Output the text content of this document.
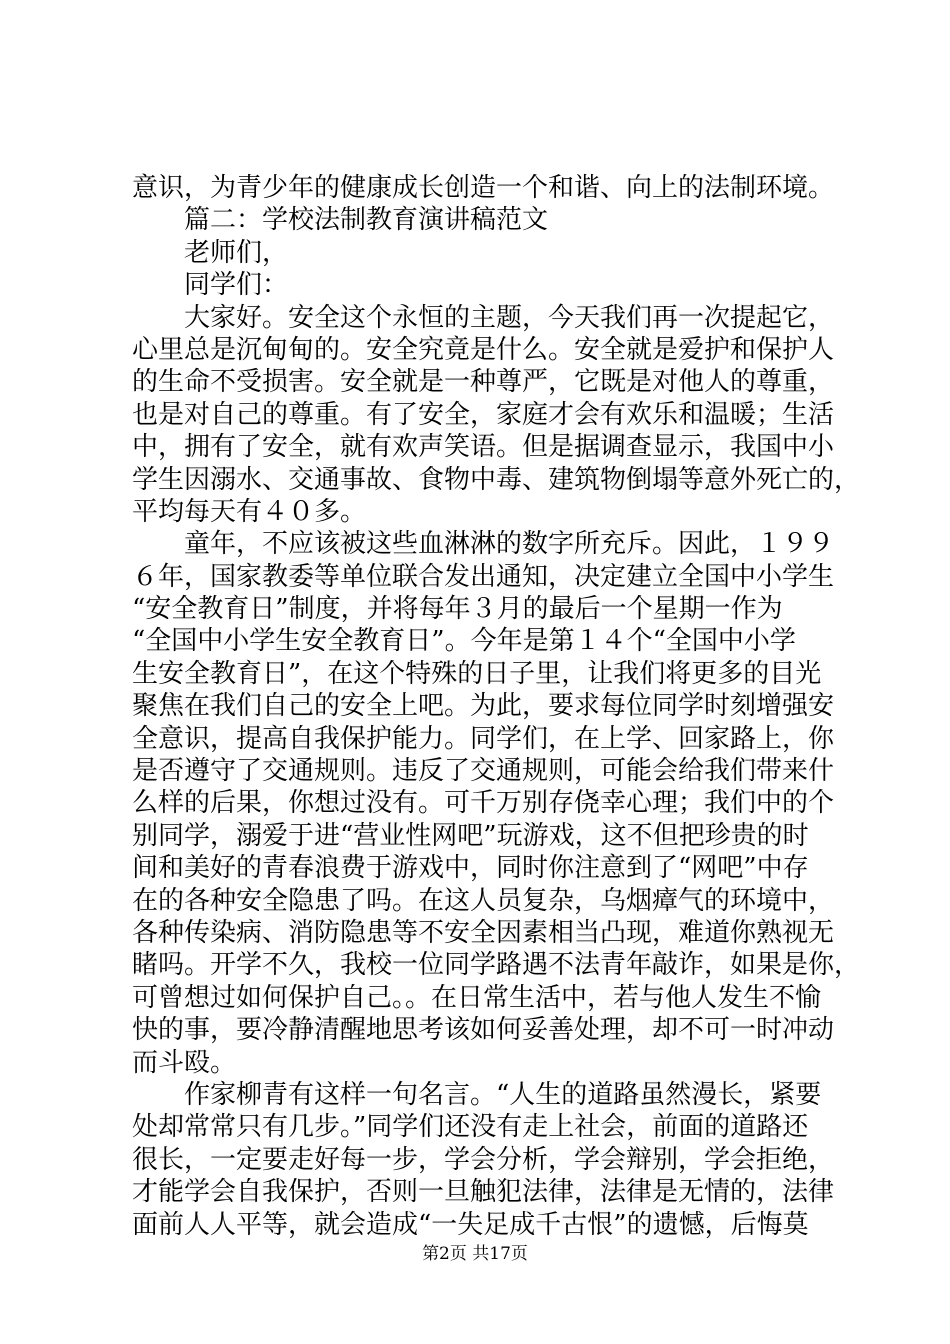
意识，为青少年的健康成长创造一个和谐、向上的法制环境。
篇二：学校法制教育演讲稿范文
老师们，
同学们：
大家好。安全这个永恒的主题，今天我们再一次提起它，
心里总是沉甸甸的。安全究竟是什么。安全就是爱护和保护人
的生命不受损害。安全就是一种尊严，它既是对他人的尊重，
也是对自己的尊重。有了安全，家庭才会有欢乐和温暖；生活
中，拥有了安全，就有欢声笑语。但是据调查显示，我国中小
学生因溺水、交通事故、食物中毒、建筑物倒塌等意外死亡的，
平均每天有４０多。
童年，不应该被这些血淋淋的数字所充斥。因此，１９９
６年，国家教委等单位联合发出通知，决定建立全国中小学生
“安全教育日”制度，并将每年３月的最后一个星期一作为
“全国中小学生安全教育日”。今年是第１４个“全国中小学
生安全教育日”，在这个特殊的日子里，让我们将更多的目光
聚焦在我们自己的安全上吧。为此，要求每位同学时刻增强安
全意识，提高自我保护能力。同学们，在上学、回家路上，你
是否遵守了交通规则。违反了交通规则，可能会给我们带来什
么样的后果，你想过没有。可千万别存侥幸心理；我们中的个
别同学，溺爱于进“营业性网吧”玩游戏，这不但把珍贵的时
间和美好的青春浪费于游戏中，同时你注意到了“网吧”中存
在的各种安全隐患了吗。在这人员复杂，乌烟瘴气的环境中，
各种传染病、消防隐患等不安全因素相当凸现，难道你熟视无
睹吗。开学不久，我校一位同学路遇不法青年敲诈，如果是你，
可曾想过如何保护自己。。在日常生活中，若与他人发生不愉
快的事，要冷静清醒地思考该如何妥善处理，却不可一时冲动
而斗殴。
作家柳青有这样一句名言。“人生的道路虽然漫长，紧要
处却常常只有几步。”同学们还没有走上社会，前面的道路还
很长，一定要走好每一步，学会分析，学会辩别，学会拒绝，
才能学会自我保护，否则一旦触犯法律，法律是无情的，法律
面前人人平等，就会造成“一失足成千古恨”的遗憾，后悔莫
第2页 共17页
